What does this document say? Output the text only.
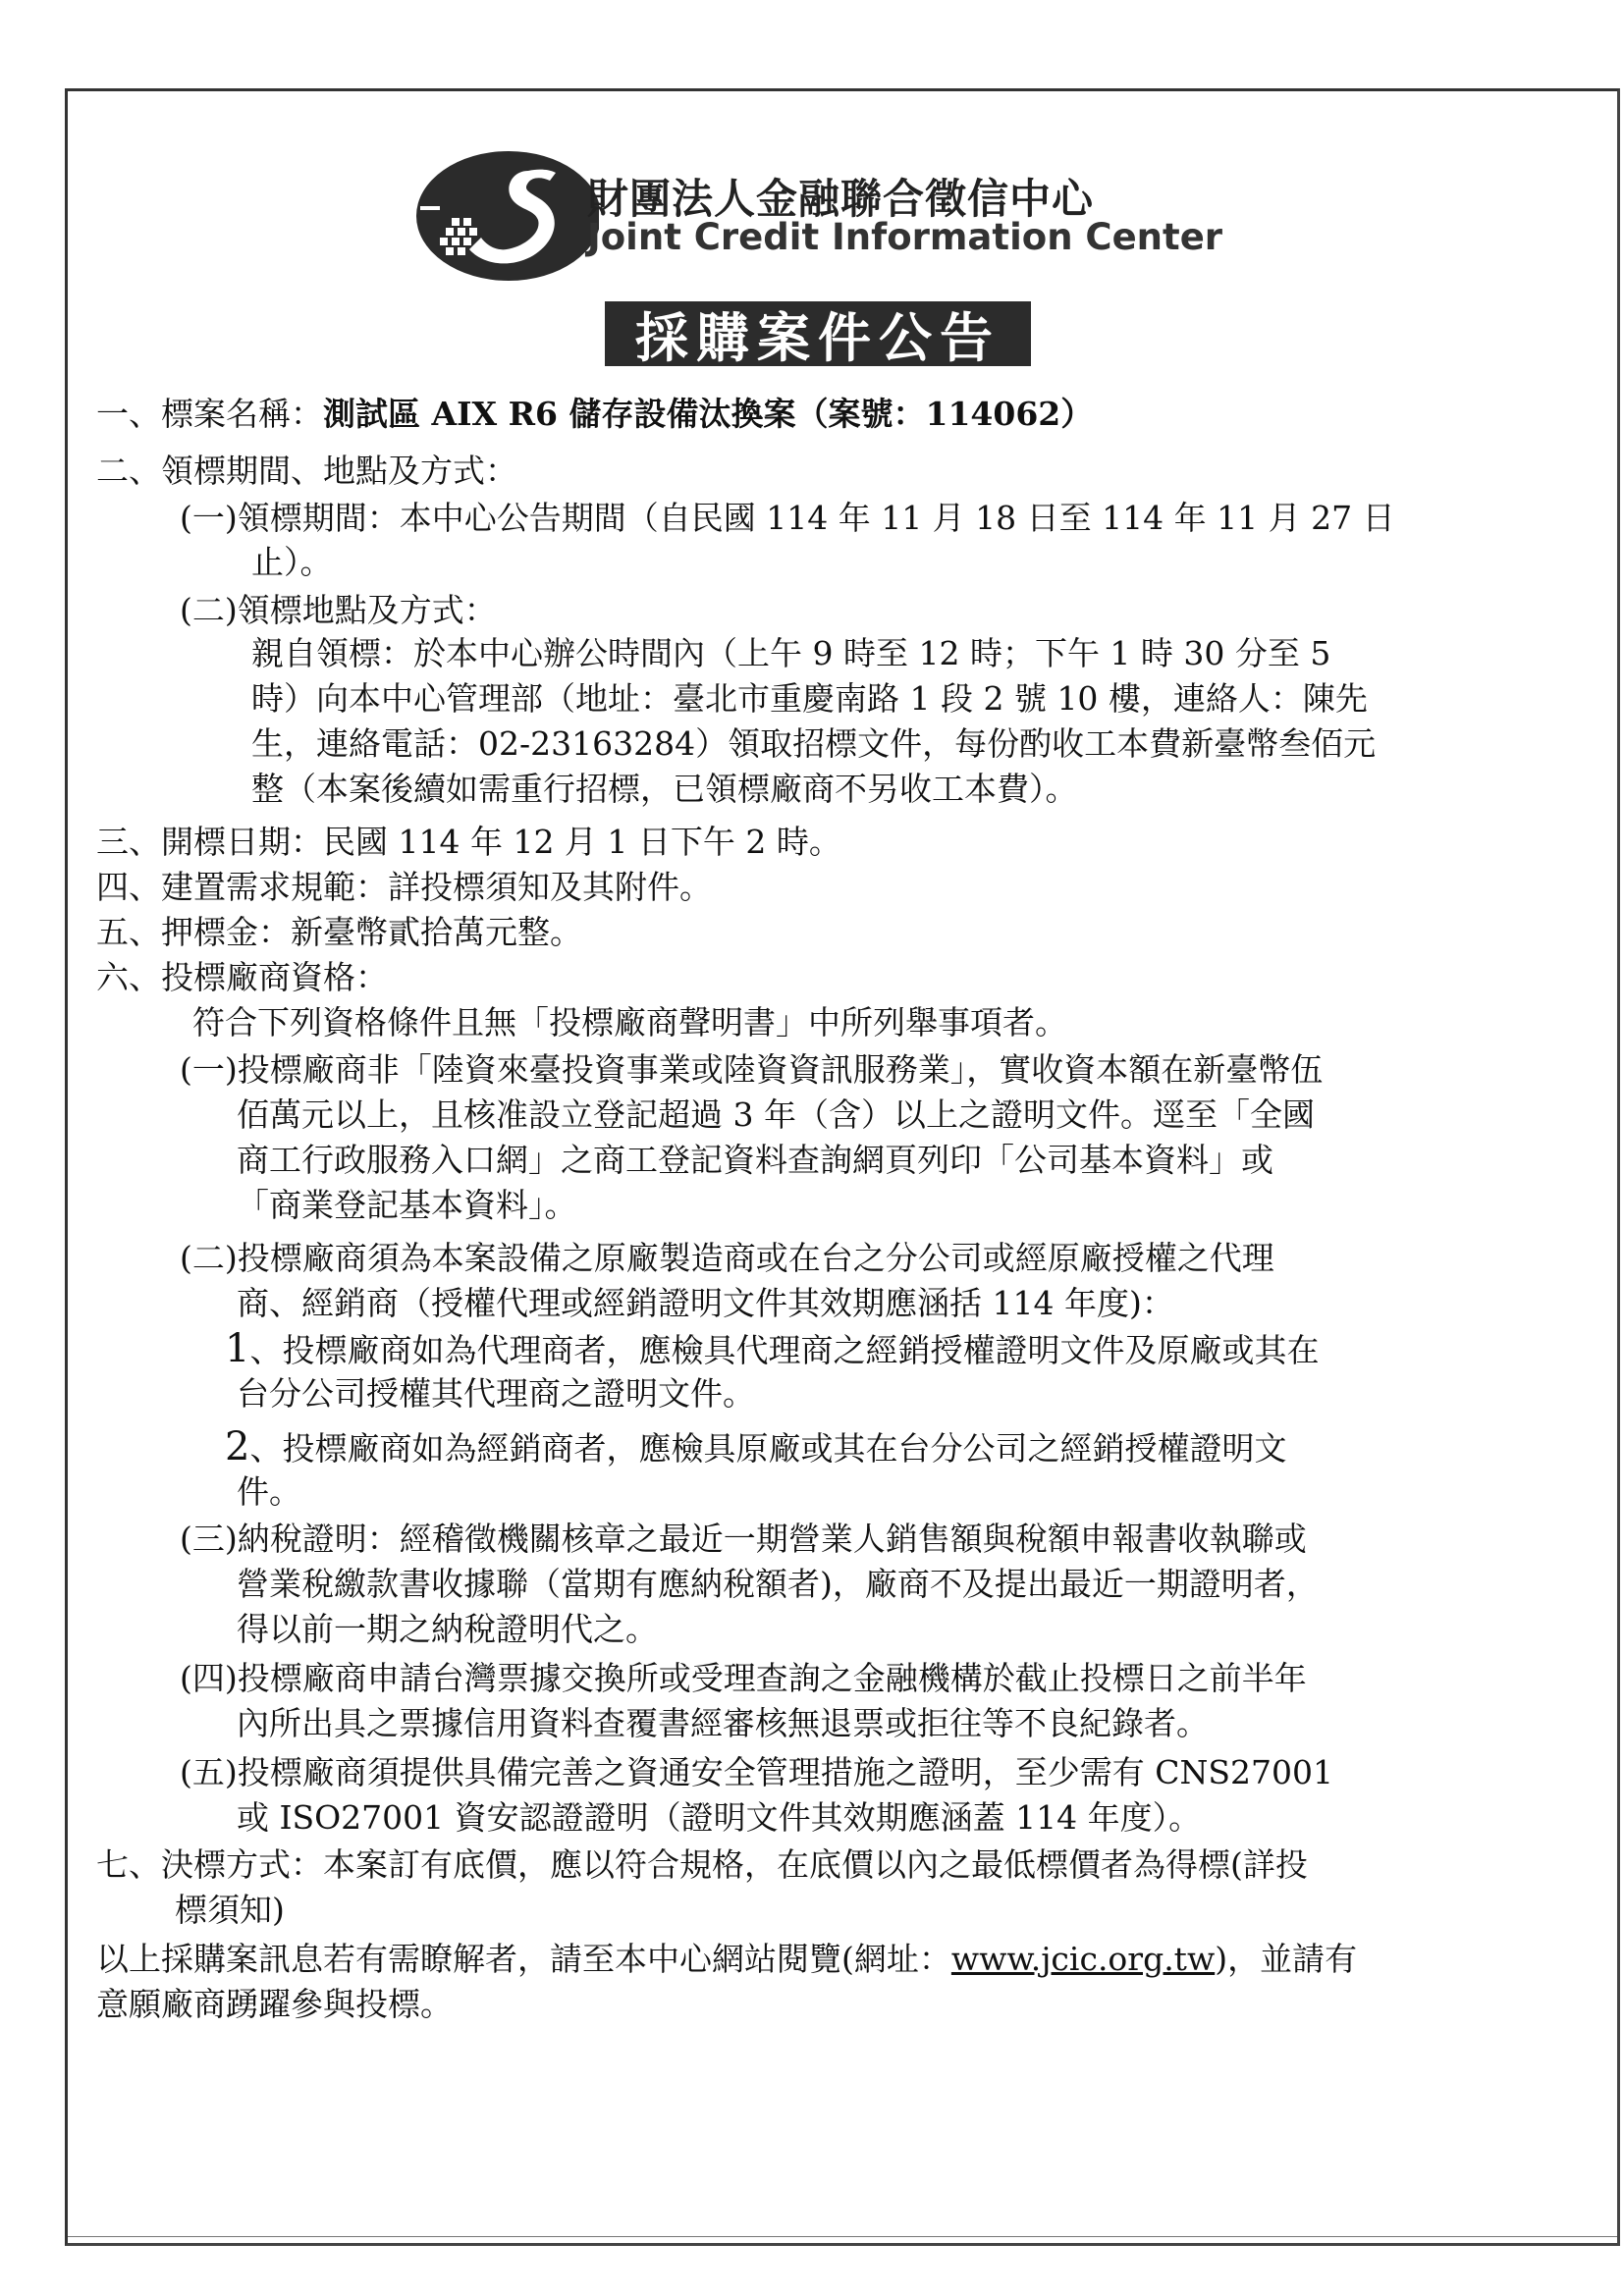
財團法人金融聯合徵信中心
Joint Credit Information Center
採購案件公告
一、標案名稱：測試區 AIX R6 儲存設備汰換案（案號：114062）
二、領標期間、地點及方式：
(一)領標期間：本中心公告期間（自民國 114 年 11 月 18 日至 114 年 11 月 27 日
止）。
(二)領標地點及方式：
親自領標：於本中心辦公時間內（上午 9 時至 12 時；下午 1 時 30 分至 5
時）向本中心管理部（地址：臺北市重慶南路 1 段 2 號 10 樓，連絡人：陳先
生，連絡電話：02-23163284）領取招標文件，每份酌收工本費新臺幣叁佰元
整（本案後續如需重行招標，已領標廠商不另收工本費）。
三、開標日期：民國 114 年 12 月 1 日下午 2 時。
四、建置需求規範：詳投標須知及其附件。
五、押標金：新臺幣貳拾萬元整。
六、投標廠商資格：
符合下列資格條件且無「投標廠商聲明書」中所列舉事項者。
(一)投標廠商非「陸資來臺投資事業或陸資資訊服務業」，實收資本額在新臺幣伍
佰萬元以上，且核准設立登記超過 3 年（含）以上之證明文件。逕至「全國
商工行政服務入口網」之商工登記資料查詢網頁列印「公司基本資料」或
「商業登記基本資料」。
(二)投標廠商須為本案設備之原廠製造商或在台之分公司或經原廠授權之代理
商、經銷商（授權代理或經銷證明文件其效期應涵括 114 年度)：
1、投標廠商如為代理商者，應檢具代理商之經銷授權證明文件及原廠或其在
台分公司授權其代理商之證明文件。
2、投標廠商如為經銷商者，應檢具原廠或其在台分公司之經銷授權證明文
件。
(三)納稅證明：經稽徵機關核章之最近一期營業人銷售額與稅額申報書收執聯或
營業稅繳款書收據聯（當期有應納稅額者)，廠商不及提出最近一期證明者，
得以前一期之納稅證明代之。
(四)投標廠商申請台灣票據交換所或受理查詢之金融機構於截止投標日之前半年
內所出具之票據信用資料查覆書經審核無退票或拒往等不良紀錄者。
(五)投標廠商須提供具備完善之資通安全管理措施之證明，至少需有 CNS27001
或 ISO27001 資安認證證明（證明文件其效期應涵蓋 114 年度）。
七、決標方式：本案訂有底價，應以符合規格，在底價以內之最低標價者為得標(詳投
標須知)
以上採購案訊息若有需瞭解者，請至本中心網站閱覽(網址：www.jcic.org.tw)，並請有
意願廠商踴躍參與投標。
